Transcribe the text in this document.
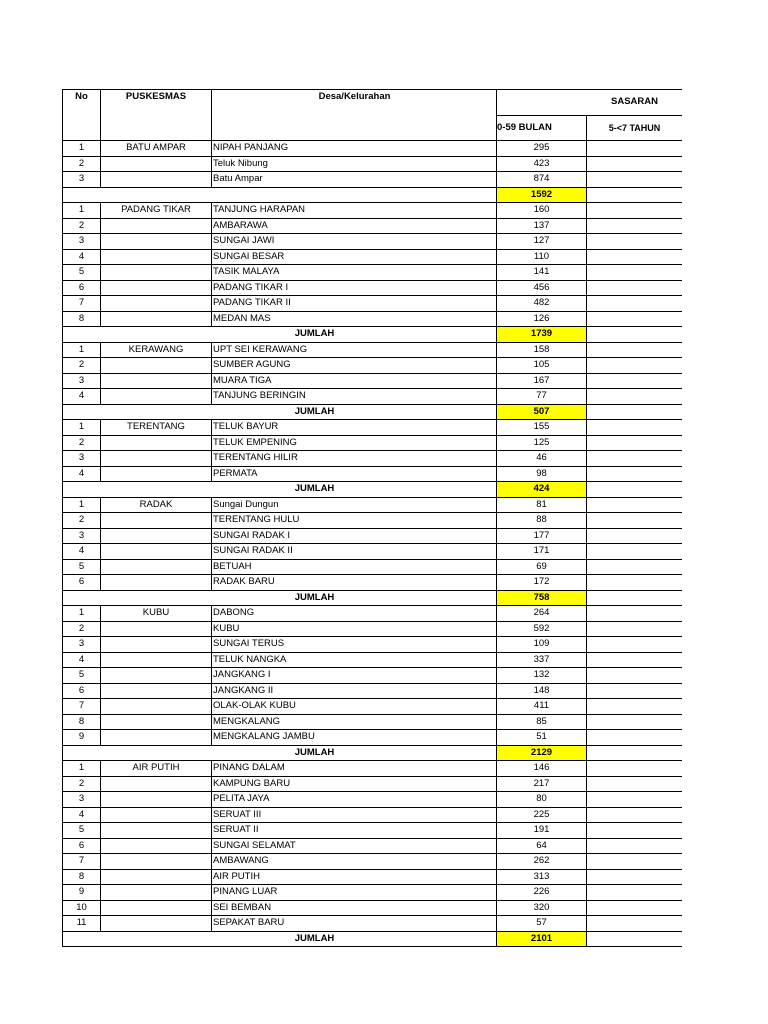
No	PUSKESMAS	Desa/Kelurahan	SASARAN	
			0-59 BULAN	5-<7 TAHUN
1	BATU AMPAR	NIPAH PANJANG	295	
2		Teluk Nibung	423	
3		Batu Ampar	874	
			1592	
1	PADANG TIKAR	TANJUNG HARAPAN	160	
2		AMBARAWA	137	
3		SUNGAI JAWI	127	
4		SUNGAI BESAR	110	
5		TASIK MALAYA	141	
6		PADANG TIKAR I	456	
7		PADANG TIKAR II	482	
8		MEDAN MAS	126	
JUMLAH			1739	
1	KERAWANG	UPT SEI KERAWANG	158	
2		SUMBER AGUNG	105	
3		MUARA TIGA	167	
4		TANJUNG BERINGIN	77	
JUMLAH			507	
1	TERENTANG	TELUK BAYUR	155	
2		TELUK EMPENING	125	
3		TERENTANG HILIR	46	
4		PERMATA	98	
JUMLAH			424	
1	RADAK	Sungai Dungun	81	
2		TERENTANG HULU	88	
3		SUNGAI RADAK I	177	
4		SUNGAI RADAK II	171	
5		BETUAH	69	
6		RADAK BARU	172	
JUMLAH			758	
1	KUBU	DABONG	264	
2		KUBU	592	
3		SUNGAI TERUS	109	
4		TELUK NANGKA	337	
5		JANGKANG I	132	
6		JANGKANG II	148	
7		OLAK-OLAK KUBU	411	
8		MENGKALANG	85	
9		MENGKALANG JAMBU	51	
JUMLAH			2129	
1	AIR PUTIH	PINANG DALAM	146	
2		KAMPUNG BARU	217	
3		PELITA JAYA	80	
4		SERUAT III	225	
5		SERUAT II	191	
6		SUNGAI SELAMAT	64	
7		AMBAWANG	262	
8		AIR PUTIH	313	
9		PINANG LUAR	226	
10		SEI BEMBAN	320	
11		SEPAKAT BARU	57	
JUMLAH			2101	
